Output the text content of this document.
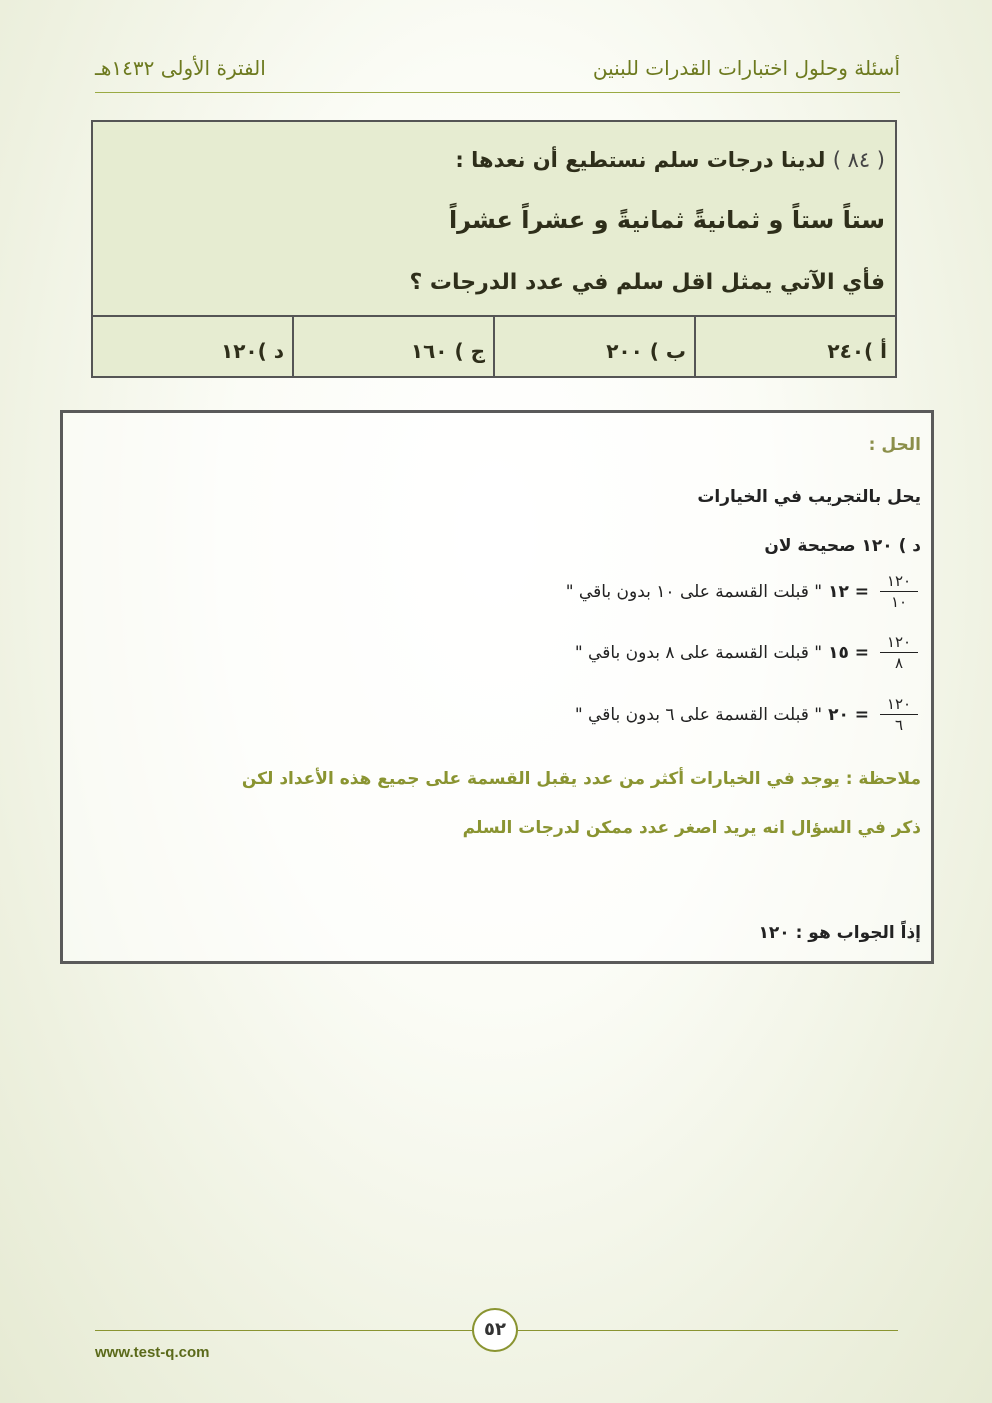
أسئلة وحلول اختبارات القدرات للبنين
الفترة الأولى ١٤٣٢هـ
( ٨٤ ) لدينا درجات سلم نستطيع أن نعدها :
ستاً ستاً و ثمانيةً ثمانيةً و عشراً عشراً
فأي الآتي يمثل اقل سلم في عدد الدرجات ؟
أ )٢٤٠
ب ) ٢٠٠
ج ) ١٦٠
د )١٢٠
الحل :
يحل بالتجريب في الخيارات
د ) ١٢٠ صحيحة لان
$\frac{١٢٠}{١٠}$
= ١٢

" قبلت القسمة على ١٠ بدون باقي "
$\frac{١٢٠}{٨}$
= ١٥

" قبلت القسمة على ٨ بدون باقي "
$\frac{١٢٠}{٦}$
= ٢٠

" قبلت القسمة على ٦ بدون باقي "
ملاحظة : يوجد في الخيارات أكثر من عدد يقبل القسمة على جميع هذه الأعداد لكن
ذكر في السؤال انه يريد اصغر عدد ممكن لدرجات السلم
إذاً الجواب هو : ١٢٠
٥٢
www.test-q.com
